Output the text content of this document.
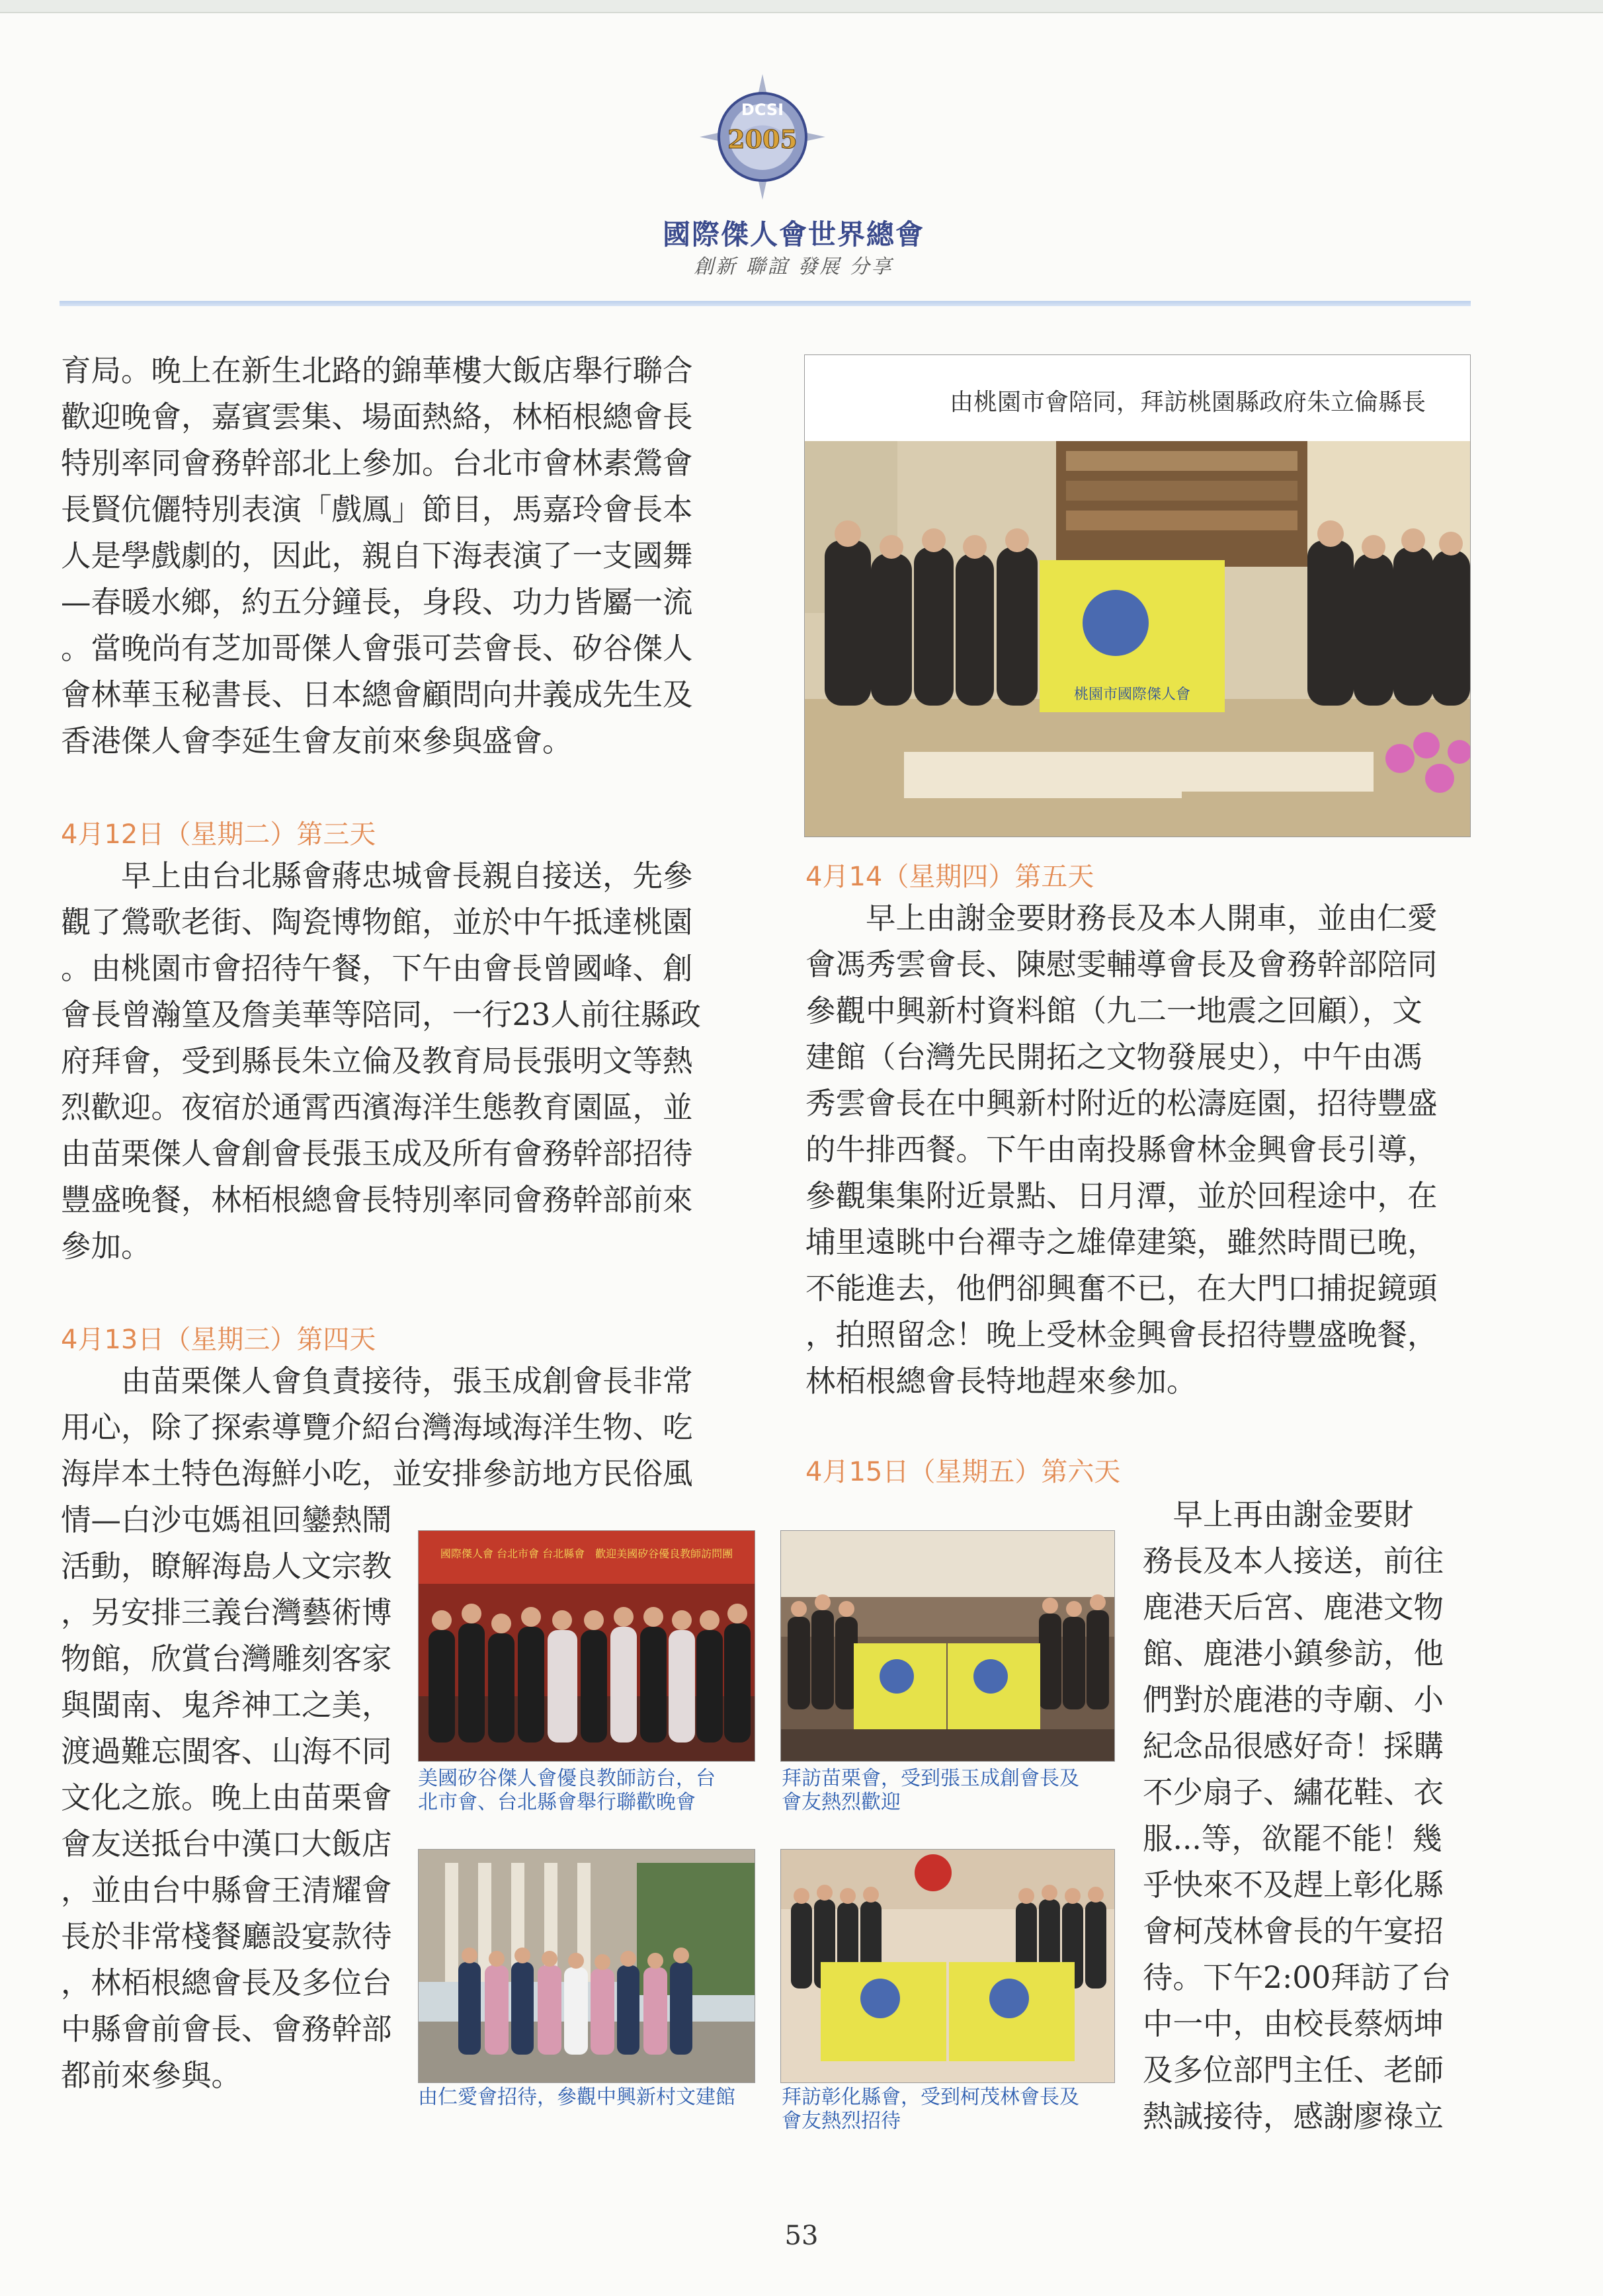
DCSI
2005
國際傑人會世界總會
創新 聯誼 發展 分享

育局。晚上在新生北路的錦華樓大飯店舉行聯合
歡迎晚會，嘉賓雲集、場面熱絡，林栢根總會長
特別率同會務幹部北上參加。台北市會林素鶯會
長賢伉儷特別表演「戲鳳」節目，馬嘉玲會長本
人是學戲劇的，因此，親自下海表演了一支國舞
—春暖水鄉，約五分鐘長，身段、功力皆屬一流
。當晚尚有芝加哥傑人會張可芸會長、矽谷傑人
會林華玉秘書長、日本總會顧問向井義成先生及
香港傑人會李延生會友前來參與盛會。

4月12日（星期二）第三天

　　早上由台北縣會蔣忠城會長親自接送，先參
觀了鶯歌老街、陶瓷博物館，並於中午抵達桃園
。由桃園市會招待午餐，下午由會長曾國峰、創
會長曾瀚篁及詹美華等陪同，一行23人前往縣政
府拜會，受到縣長朱立倫及教育局長張明文等熱
烈歡迎。夜宿於通霄西濱海洋生態教育園區，並
由苗栗傑人會創會長張玉成及所有會務幹部招待
豐盛晚餐，林栢根總會長特別率同會務幹部前來
參加。

4月13日（星期三）第四天

　　由苗栗傑人會負責接待，張玉成創會長非常
用心，除了探索導覽介紹台灣海域海洋生物、吃
海岸本土特色海鮮小吃，並安排參訪地方民俗風

情—白沙屯媽祖回鑾熱鬧
活動，瞭解海島人文宗教
，另安排三義台灣藝術博
物館，欣賞台灣雕刻客家
與閩南、鬼斧神工之美，
渡過難忘閩客、山海不同
文化之旅。晚上由苗栗會
會友送抵台中漢口大飯店
，並由台中縣會王清耀會
長於非常棧餐廳設宴款待
，林栢根總會長及多位台
中縣會前會長、會務幹部
都前來參與。

桃園市國際傑人會
由桃園市會陪同，拜訪桃園縣政府朱立倫縣長
4月14（星期四）第五天

　　早上由謝金要財務長及本人開車，並由仁愛
會馮秀雲會長、陳慰雯輔導會長及會務幹部陪同
參觀中興新村資料館（九二一地震之回顧），文
建館（台灣先民開拓之文物發展史），中午由馮
秀雲會長在中興新村附近的松濤庭園，招待豐盛
的牛排西餐。下午由南投縣會林金興會長引導，
參觀集集附近景點、日月潭，並於回程途中，在
埔里遠眺中台禪寺之雄偉建築，雖然時間已晚，
不能進去，他們卻興奮不已，在大門口捕捉鏡頭
，拍照留念！晚上受林金興會長招待豐盛晚餐，
林栢根總會長特地趕來參加。

4月15日（星期五）第六天

　早上再由謝金要財
務長及本人接送，前往
鹿港天后宮、鹿港文物
館、鹿港小鎮參訪，他
們對於鹿港的寺廟、小
紀念品很感好奇！採購
不少扇子、繡花鞋、衣
服...等，欲罷不能！幾
乎快來不及趕上彰化縣
會柯茂林會長的午宴招
待。下午2:00拜訪了台
中一中，由校長蔡炳坤
及多位部門主任、老師
熱誠接待，感謝廖祿立

國際傑人會 台北市會 台北縣會　歡迎美國矽谷優良教師訪問團

美國矽谷傑人會優良教師訪台，台
北市會、台北縣會舉行聯歡晚會

拜訪苗栗會，受到張玉成創會長及
會友熱烈歡迎

由仁愛會招待，參觀中興新村文建館 拜訪彰化縣會，受到柯茂林會長及
會友熱烈招待

53
